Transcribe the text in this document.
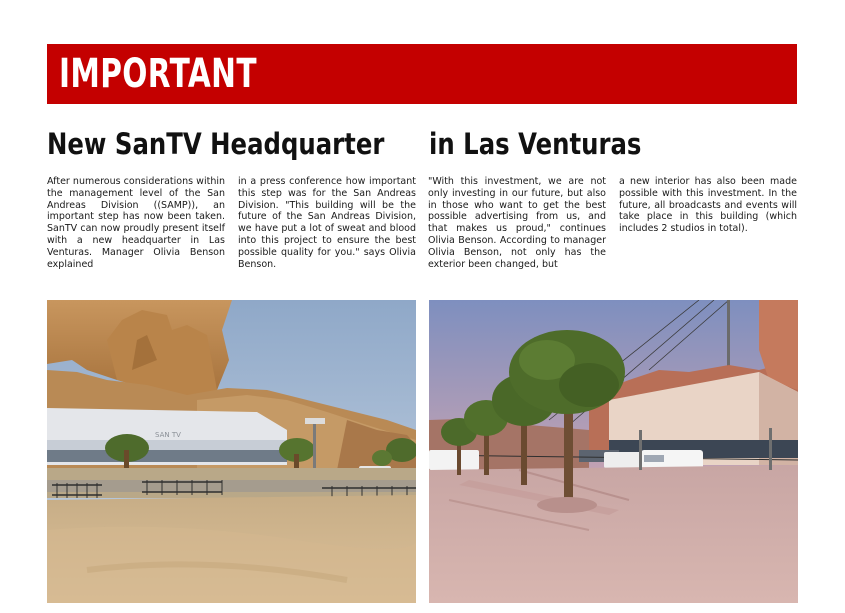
IMPORTANT
New SanTV Headquarter in Las Venturas
After numerous considerations within the management level of the San Andreas Division ((SAMP)), an important step has now been taken. SanTV can now proudly present itself with a new headquarter in Las Venturas. Manager Olivia Benson explained
in a press conference how important this step was for the San Andreas Division. "This building will be the future of the San Andreas Division, we have put a lot of sweat and blood into this project to ensure the best possible quality for you." says Olivia Benson.
"With this investment, we are not only investing in our future, but also in those who want to get the best possible advertising from us, and that makes us proud," continues Olivia Benson. According to manager Olivia Benson, not only has the exterior been changed, but
a new interior has also been made possible with this investment. In the future, all broadcasts and events will take place in this building (which includes 2 studios in total).
SAN TV
